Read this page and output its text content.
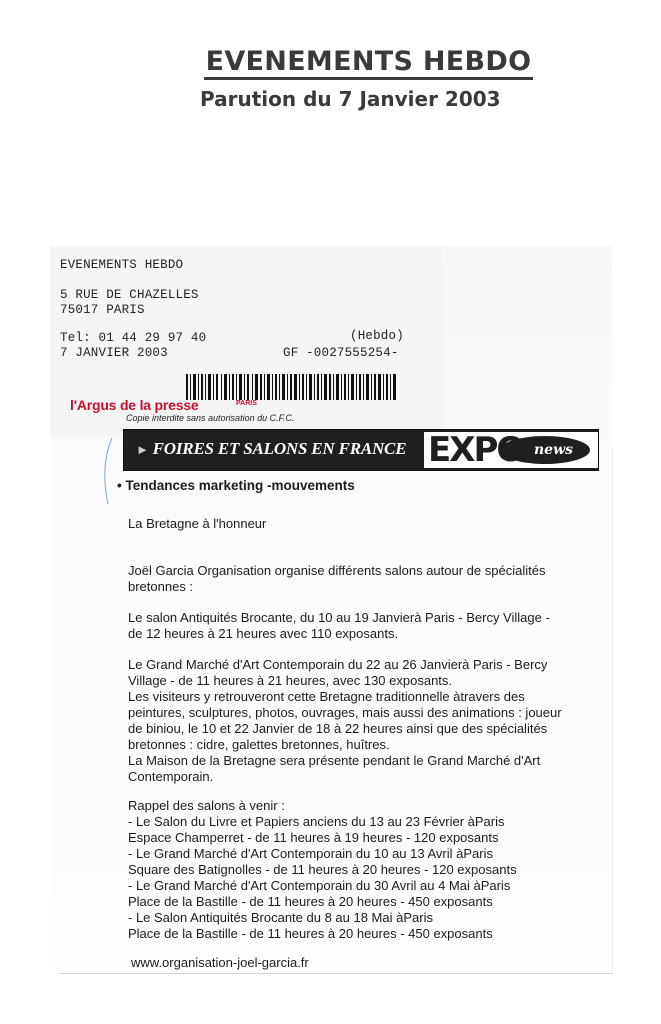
EVENEMENTS HEBDO
Parution du 7 Janvier 2003
EVENEMENTS HEBDO
5 RUE DE CHAZELLES
75017 PARIS
Tel: 01 44 29 97 40	(Hebdo)
7 JANVIER 2003	GF -0027555254-
l'Argus de la presse	PARIS
Copie interdite sans autorisation du C.F.C.
► FOIRES ET SALONS EN FRANCE EXPO news
• Tendances marketing -mouvements
La Bretagne à l'honneur
Joël Garcia Organisation organise différents salons autour de spécialités
bretonnes :
Le salon Antiquités Brocante, du 10 au 19 Janvierà Paris - Bercy Village -
de 12 heures à 21 heures avec 110 exposants.
Le Grand Marché d'Art Contemporain du 22 au 26 Janvierà Paris - Bercy
Village - de 11 heures à 21 heures, avec 130 exposants.
Les visiteurs y retrouveront cette Bretagne traditionnelle àtravers des
peintures, sculptures, photos, ouvrages, mais aussi des animations : joueur
de biniou, le 10 et 22 Janvier de 18 à 22 heures ainsi que des spécialités
bretonnes : cidre, galettes bretonnes, huîtres.
La Maison de la Bretagne sera présente pendant le Grand Marché d'Art
Contemporain.
Rappel des salons à venir :
- Le Salon du Livre et Papiers anciens du 13 au 23 Février àParis
Espace Champerret - de 11 heures à 19 heures - 120 exposants
- Le Grand Marché d'Art Contemporain du 10 au 13 Avril àParis
Square des Batignolles - de 11 heures à 20 heures - 120 exposants
- Le Grand Marché d'Art Contemporain du 30 Avril au 4 Mai àParis
Place de la Bastille - de 11 heures à 20 heures - 450 exposants
- Le Salon Antiquités Brocante du 8 au 18 Mai àParis
Place de la Bastille - de 11 heures à 20 heures - 450 exposants
www.organisation-joel-garcia.fr
